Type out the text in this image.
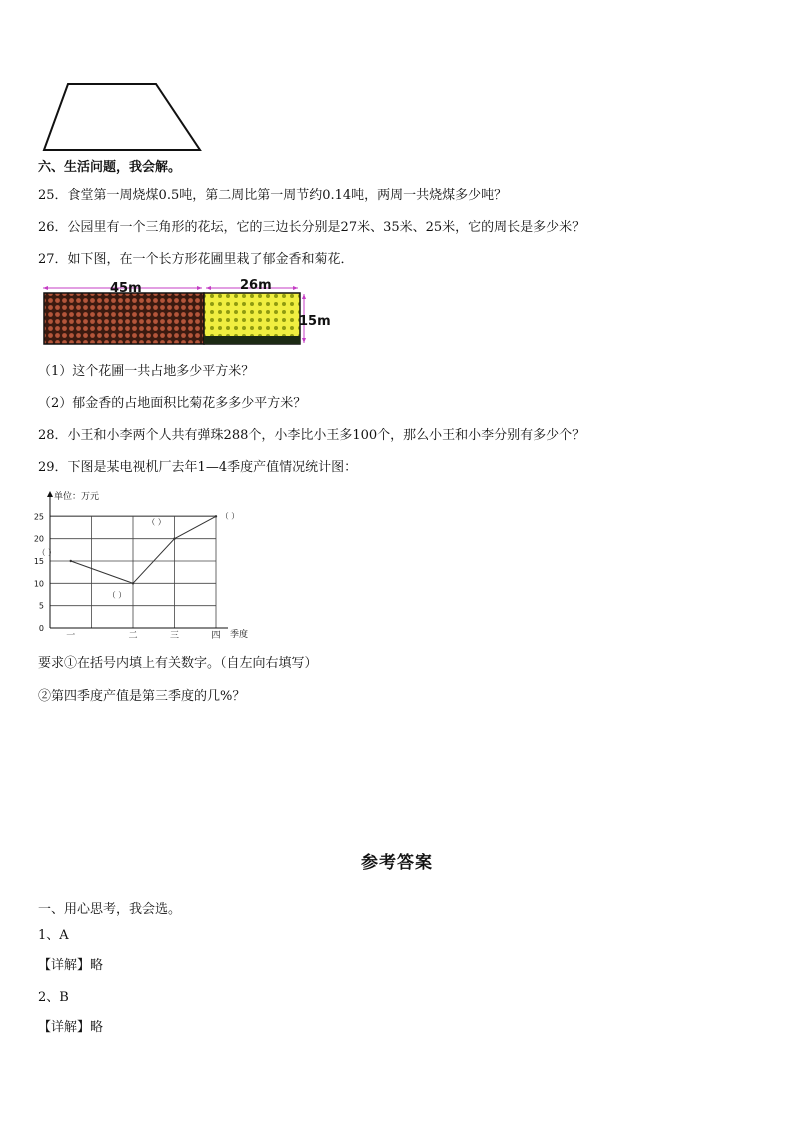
六、生活问题，我会解。
25．食堂第一周烧煤0.5吨，第二周比第一周节约0.14吨，两周一共烧煤多少吨？
26．公园里有一个三角形的花坛，它的三边长分别是27米、35米、25米，它的周长是多少米？
27．如下图，在一个长方形花圃里栽了郁金香和菊花．
45m	26m
15m
（1）这个花圃一共占地多少平方米？
（2）郁金香的占地面积比菊花多多少平方米？
28．小王和小李两个人共有弹珠288个，小李比小王多100个，那么小王和小李分别有多少个？
29．下图是某电视机厂去年1—4季度产值情况统计图：
0
5
10
15
20
25
一	二	三	四
（ ）
（ ）
（ ）
（ ）
单位：万元
季度
要求①在括号内填上有关数字。（自左向右填写）
②第四季度产值是第三季度的几%？
参考答案
一、用心思考，我会选。
1、A
【详解】略
2、B
【详解】略
